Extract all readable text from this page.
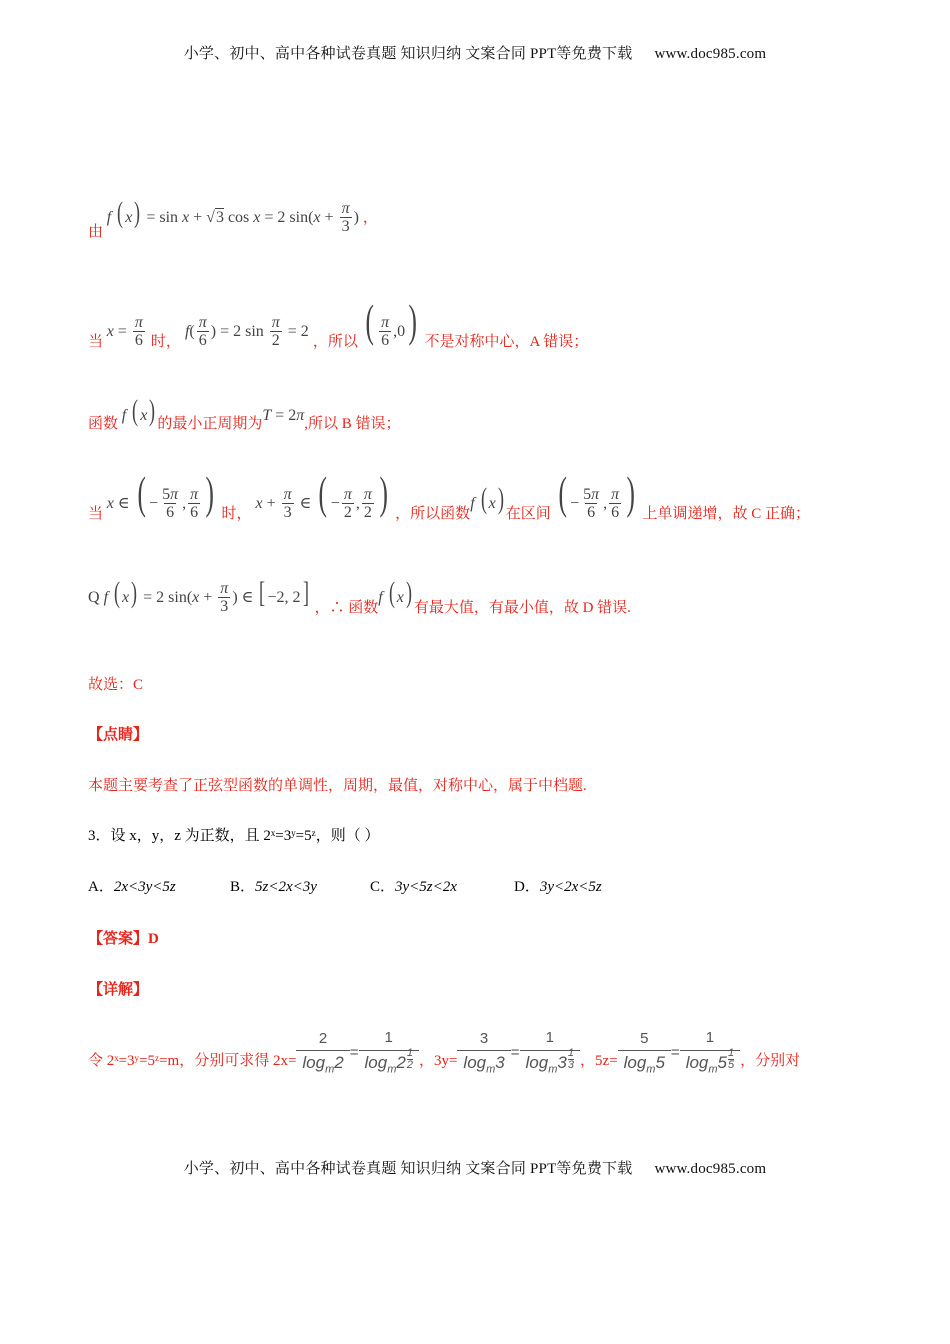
小学、初中、高中各种试卷真题 知识归纳 文案合同 PPT等免费下载 www.doc985.com
由 f ( x) = sin x + √3 cos x = 2 $\sin(x + \frac{\pi}{3}$ ) ，
当 $x = \frac{\pi}{6}$ 时， $f( \frac{\pi}{6}$ ) = 2 $\sin \frac{\pi}{2} = 2$ ，所以 ( $\frac{\pi}{6} ,0$) 不是对称中心，A 错误；
函数 f ( x) 的最小正周期为T = 2π,所以 B 错误；
当 x ∈ ( − $\frac{5\pi}{6}$ , $\frac{\pi}{6}$ ) 时， $x + \frac{\pi}{3}$ ∈ ( − $\frac{\pi}{2}$ , $\frac{\pi}{2}$ ) ，所以函数f ( x) 在区间 ( − $\frac{5\pi}{6}$ , $\frac{\pi}{6}$ ) 上单调递增，故 C 正确；
Q f ( x) = 2 $\sin(x + \frac{\pi}{3}$ ) ∈ [ −2, 2] ，∴ 函数f ( x) 有最大值，有最小值，故 D 错误.
故选：C
【点睛】
本题主要考查了正弦型函数的单调性，周期，最值，对称中心，属于中档题.
3．设 x，y，z 为正数，且 2ˣ=3ʸ=5ᶻ，则（ ）
A．2x<3y<5z	B．5z<2x<3y	C．3y<5z<2x	D．3y<2x<5z
【答案】D
【详解】
令 2ˣ=3ʸ=5ᶻ=m，分别可求得 $2x= \frac{2}{\log_m2} = \frac{1}{\log_m2 \frac{1}{2}}$ ，$3y= \frac{3}{\log_m3} = \frac{1}{\log_m3 \frac{1}{3}}$ ，$5z= \frac{5}{\log_m5} = \frac{1}{\log_m5 \frac{1}{5}}$ ，分别对
小学、初中、高中各种试卷真题 知识归纳 文案合同 PPT等免费下载 www.doc985.com
